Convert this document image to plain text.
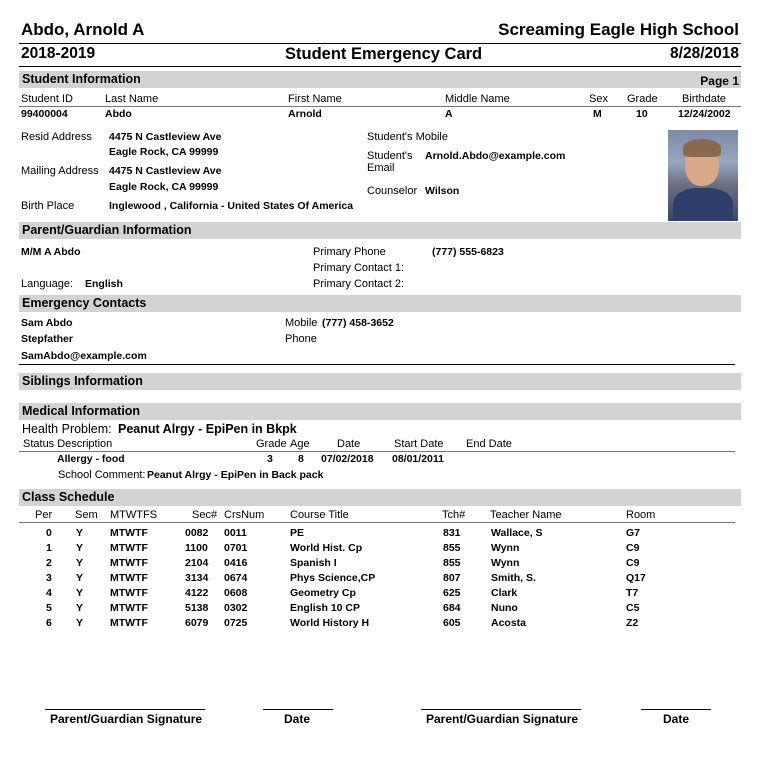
Abdo, Arnold A	Screaming Eagle High School
2018-2019	Student Emergency Card	8/28/2018
Student Information	Page 1
Student ID	Last Name	First Name	Middle Name	Sex Grade Birthdate
99400004	Abdo	Arnold	A	M	10	12/24/2002
Resid Address 4475 N Castleview Ave
Eagle Rock, CA 99999
Mailing Address 4475 N Castleview Ave
Eagle Rock, CA 99999
Birth Place	Inglewood , California - United States Of America
Student's Mobile
Student's
Email
Arnold.Abdo@example.com
Counselor Wilson
Parent/Guardian Information
M/M A Abdo	Primary Phone	(777) 555-6823
Primary Contact 1:
Primary Contact 2:
Language: English
Emergency Contacts
Sam Abdo
Stepfather
SamAbdo@example.com
Mobile (777) 458-3652
Phone
Siblings Information
Medical Information
Health Problem: Peanut Alrgy - EpiPen in Bkpk
Status Description	Grade Age Date	Start Date End Date
Allergy - food	3 8 07/02/2018 08/01/2011
School Comment: Peanut Alrgy - EpiPen in Back pack
Class Schedule
Per Sem MTWTFS	Sec# CrsNum Course Title	Tch# Teacher Name	Room
0 Y	MTWTF	0082 0011	PE	831	Wallace, S	G7
1 Y	MTWTF	1100 0701	World Hist. Cp	855	Wynn	C9
2 Y	MTWTF	2104 0416	Spanish I	855	Wynn	C9
3 Y	MTWTF	3134 0674	Phys Science,CP	807	Smith, S.	Q17
4 Y	MTWTF	4122 0608	Geometry Cp	625	Clark	T7
5 Y	MTWTF	5138 0302	English 10 CP	684	Nuno	C5
6 Y	MTWTF	6079 0725	World History H	605	Acosta	Z2
Parent/Guardian Signature	Date	Parent/Guardian Signature	Date
